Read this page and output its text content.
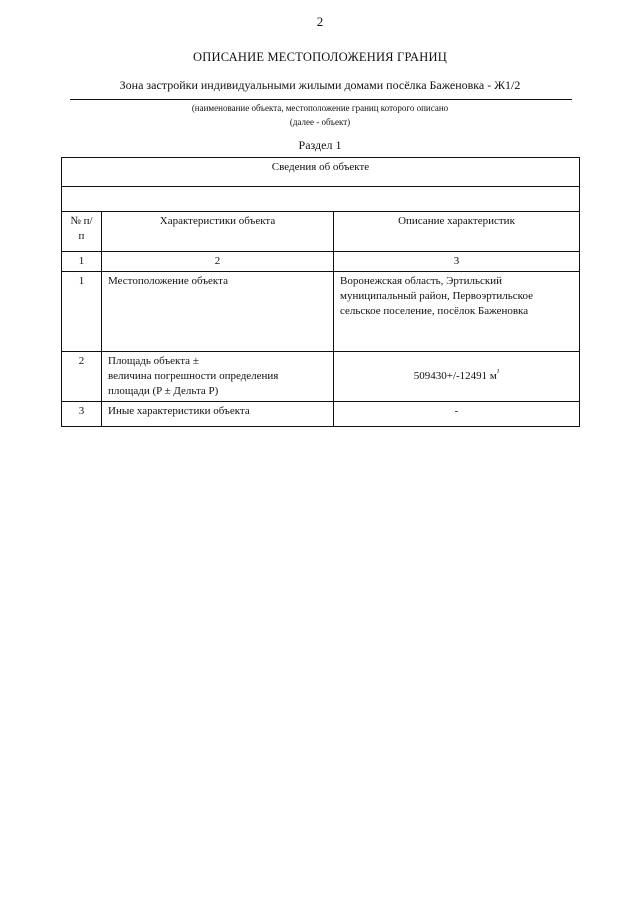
2
ОПИСАНИЕ МЕСТОПОЛОЖЕНИЯ ГРАНИЦ
Зона застройки индивидуальными жилыми домами посёлка Баженовка - Ж1/2
(наименование объекта, местоположение границ которого описано
(далее - объект)
Раздел 1
Сведения об объекте		

№ п/п	Характеристики объекта	Описание характеристик
1	2	3
1	Местоположение объекта	Воронежская область, Эртильский муниципальный район, Первоэртильское сельское поселение, посёлок Баженовка
2	Площадь объекта ±
величина погрешности определения
площади (P ± Дельта P)	509430+/-12491 $м^{^2}$
3	Иные характеристики объекта	-
